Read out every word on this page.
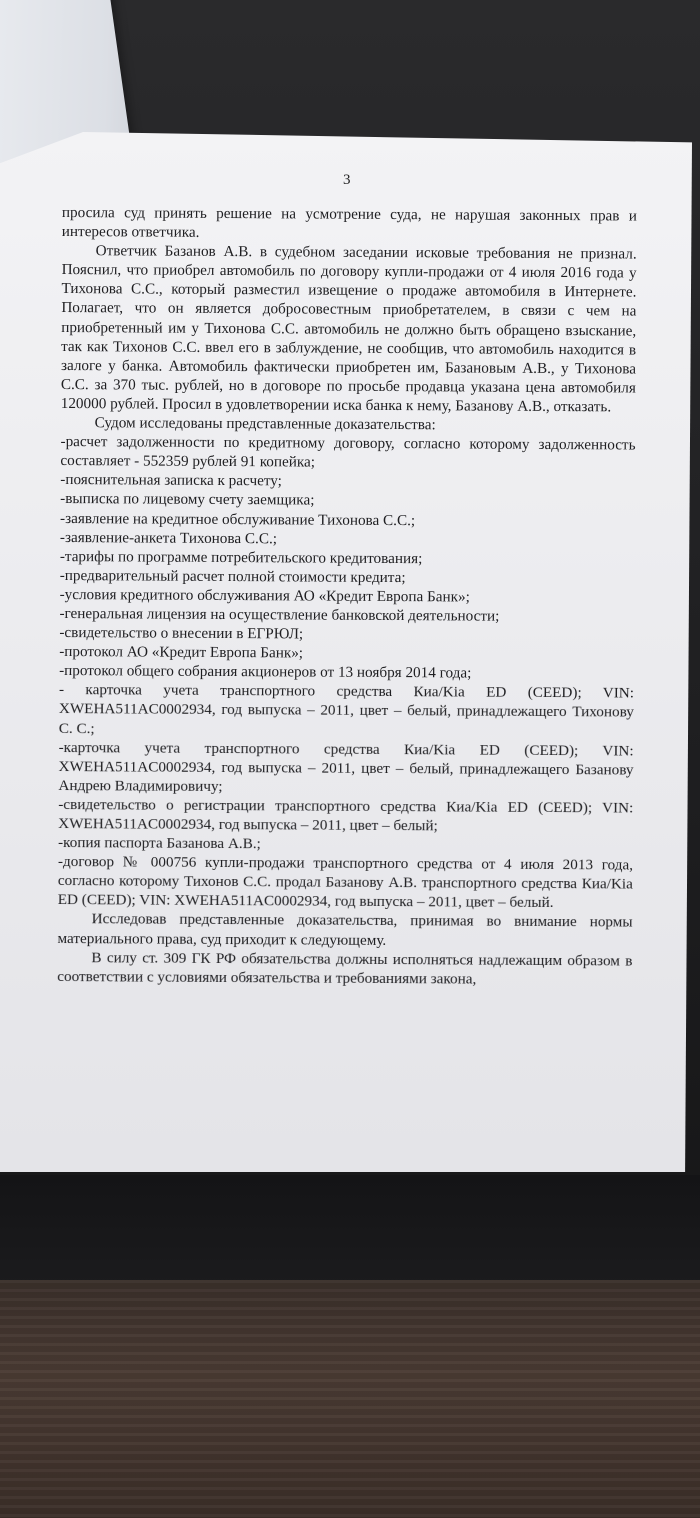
3

просила суд принять решение на усмотрение суда, не нарушая законных прав и интересов ответчика.

Ответчик Базанов А.В. в судебном заседании исковые требования не признал. Пояснил, что приобрел автомобиль по договору купли-продажи от 4 июля 2016 года у Тихонова С.С., который разместил извещение о продаже автомобиля в Интернете. Полагает, что он является добросовестным приобретателем, в связи с чем на приобретенный им у Тихонова С.С. автомобиль не должно быть обращено взыскание, так как Тихонов С.С. ввел его в заблуждение, не сообщив, что автомобиль находится в залоге у банка. Автомобиль фактически приобретен им, Базановым А.В., у Тихонова С.С. за 370 тыс. рублей, но в договоре по просьбе продавца указана цена автомобиля 120000 рублей. Просил в удовлетворении иска банка к нему, Базанову А.В., отказать.

Судом исследованы представленные доказательства:

-расчет задолженности по кредитному договору, согласно которому задолженность составляет - 552359 рублей 91 копейка;

-пояснительная записка к расчету;

-выписка по лицевому счету заемщика;

-заявление на кредитное обслуживание Тихонова С.С.;

-заявление-анкета Тихонова С.С.;

-тарифы по программе потребительского кредитования;

-предварительный расчет полной стоимости кредита;

-условия кредитного обслуживания АО «Кредит Европа Банк»;

-генеральная лицензия на осуществление банковской деятельности;

-свидетельство о внесении в ЕГРЮЛ;

-протокол АО «Кредит Европа Банк»;

-протокол общего собрания акционеров от 13 ноября 2014 года;

- карточка учета транспортного средства Киа/Kia ED (CEED); VIN: XWEHA511AC0002934, год выпуска – 2011, цвет – белый, принадлежащего Тихонову С. С.;

-карточка учета транспортного средства Киа/Kia ED (CEED); VIN: XWEHA511AC0002934, год выпуска – 2011, цвет – белый, принадлежащего Базанову Андрею Владимировичу;

-свидетельство о регистрации транспортного средства Киа/Kia ED (CEED); VIN: XWEHA511AC0002934, год выпуска – 2011, цвет – белый;

-копия паспорта Базанова А.В.;

-договор № 000756 купли-продажи транспортного средства от 4 июля 2013 года, согласно которому Тихонов С.С. продал Базанову А.В. транспортного средства Киа/Kia ED (CEED); VIN: XWEHA511AC0002934, год выпуска – 2011, цвет – белый.

Исследовав представленные доказательства, принимая во внимание нормы материального права, суд приходит к следующему.

В силу ст. 309 ГК РФ обязательства должны исполняться надлежащим образом в соответствии с условиями обязательства и требованиями закона,
